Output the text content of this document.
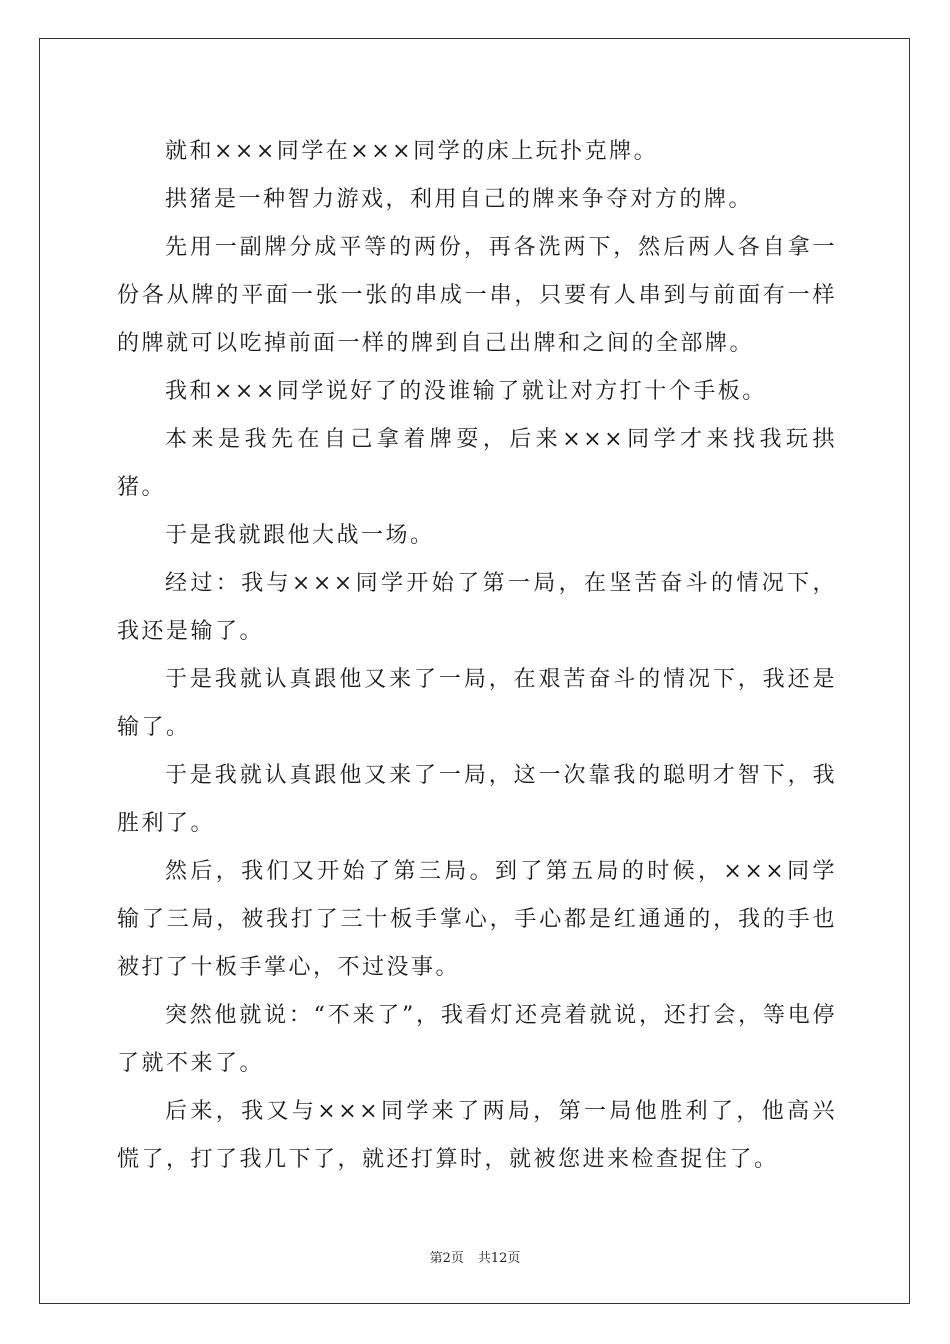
就和×××同学在×××同学的床上玩扑克牌。

拱猪是一种智力游戏，利用自己的牌来争夺对方的牌。

先用一副牌分成平等的两份，再各洗两下，然后两人各自拿一份各从牌的平面一张一张的串成一串，只要有人串到与前面有一样的牌就可以吃掉前面一样的牌到自己出牌和之间的全部牌。

我和×××同学说好了的没谁输了就让对方打十个手板。

本来是我先在自己拿着牌耍，后来×××同学才来找我玩拱猪。

于是我就跟他大战一场。

经过：我与×××同学开始了第一局，在坚苦奋斗的情况下，我还是输了。

于是我就认真跟他又来了一局，在艰苦奋斗的情况下，我还是输了。

于是我就认真跟他又来了一局，这一次靠我的聪明才智下，我胜利了。

然后，我们又开始了第三局。到了第五局的时候，×××同学输了三局，被我打了三十板手掌心，手心都是红通通的，我的手也被打了十板手掌心，不过没事。

突然他就说：“不来了”，我看灯还亮着就说，还打会，等电停了就不来了。

后来，我又与×××同学来了两局，第一局他胜利了，他高兴慌了，打了我几下了，就还打算时，就被您进来检查捉住了。

第2页 共12页
